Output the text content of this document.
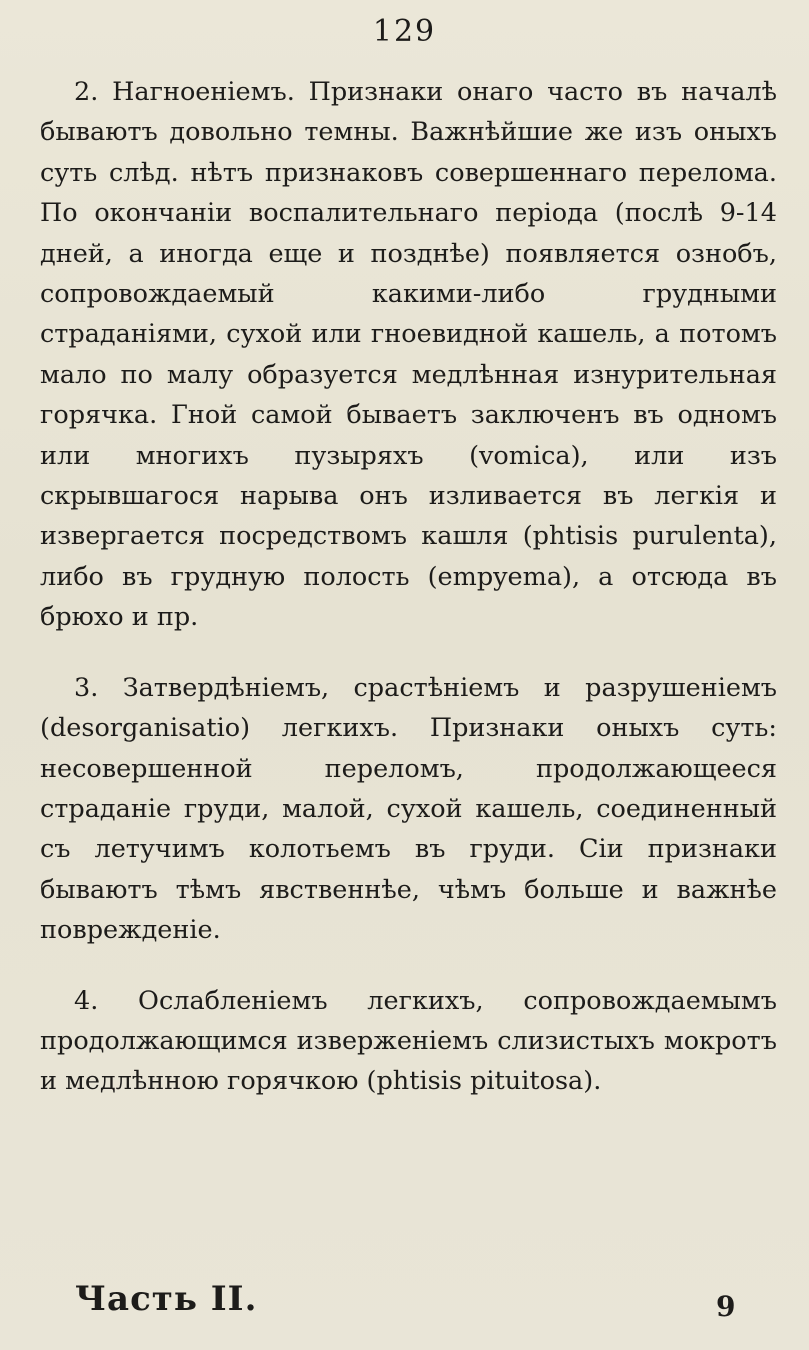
129

2. Нагноенiемъ. Признаки онаго часто въ началѣ бываютъ довольно темны. Важнѣйшие же изъ оныхъ суть слѣд. нѣтъ признаковъ совершеннаго перелома. По окончанiи воспалительнаго перiода (послѣ 9-14 дней, а иногда еще и позднѣе) появляется ознобъ, сопровождаемый какими-либо грудными страданiями, сухой или гноевидной кашель, а потомъ мало по малу образуется медлѣнная изнурительная горячка. Гной самой бываетъ заключенъ въ одномъ или многихъ пузыряхъ (vomica), или изъ скрывшагося нарыва онъ изливается въ легкiя и извергается посредствомъ кашля (phtisis purulenta), либо въ грудную полость (empyema), а отсюда въ брюхо и пр.

3. Затвердѣнiемъ, срастѣнiемъ и разрушенiемъ (desorganisatio) легкихъ. Признаки оныхъ суть: несовершенной переломъ, продолжающееся страданiе груди, малой, сухой кашель, соединенный съ летучимъ колотьемъ въ груди. Сiи признаки бываютъ тѣмъ явственнѣе, чѣмъ больше и важнѣе поврежденiе.

4. Ослабленiемъ легкихъ, сопровождаемымъ продолжающимся изверженiемъ слизистыхъ мокротъ и медлѣнною горячкою (phtisis pituitosa).

Часть II.	9
